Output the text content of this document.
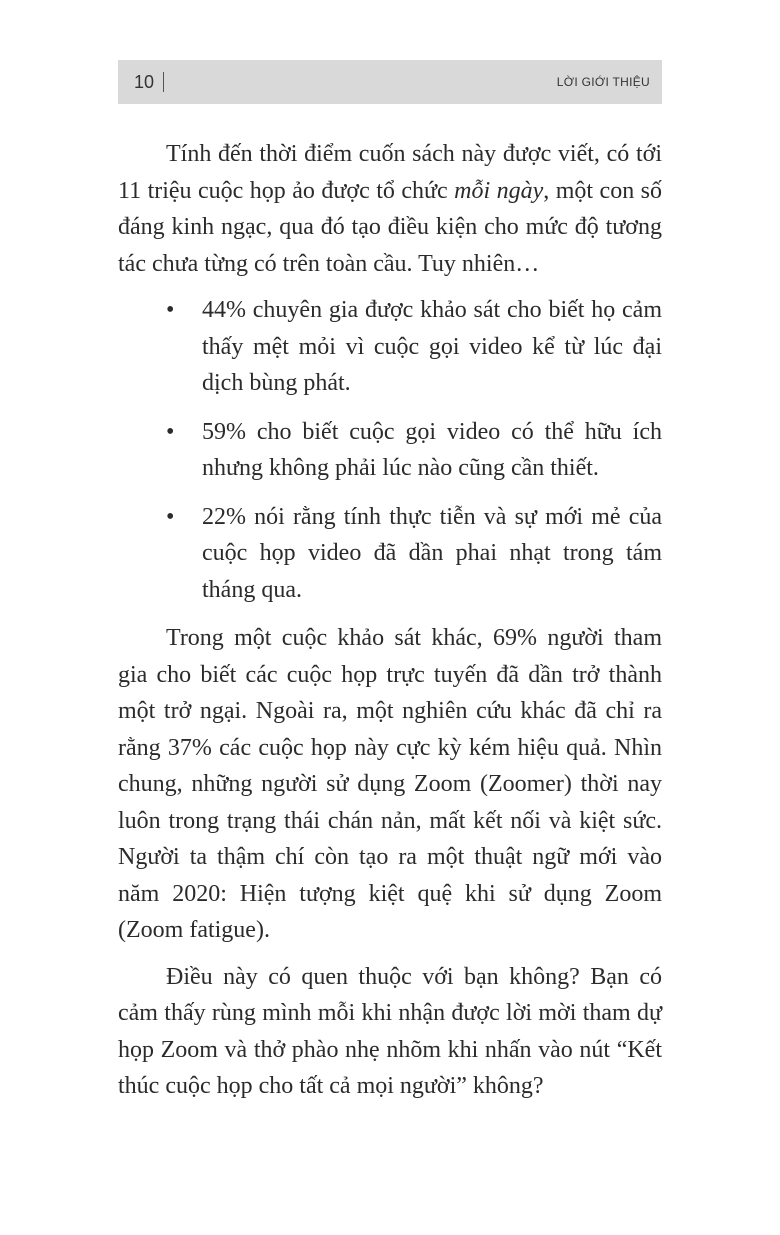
10	LỜI GIỚI THIỆU

Tính đến thời điểm cuốn sách này được viết, có tới 11 triệu cuộc họp ảo được tổ chức mỗi ngày, một con số đáng kinh ngạc, qua đó tạo điều kiện cho mức độ tương tác chưa từng có trên toàn cầu. Tuy nhiên…

• 44% chuyên gia được khảo sát cho biết họ cảm thấy mệt mỏi vì cuộc gọi video kể từ lúc đại dịch bùng phát.
• 59% cho biết cuộc gọi video có thể hữu ích nhưng không phải lúc nào cũng cần thiết.
• 22% nói rằng tính thực tiễn và sự mới mẻ của cuộc họp video đã dần phai nhạt trong tám tháng qua.

Trong một cuộc khảo sát khác, 69% người tham gia cho biết các cuộc họp trực tuyến đã dần trở thành một trở ngại. Ngoài ra, một nghiên cứu khác đã chỉ ra rằng 37% các cuộc họp này cực kỳ kém hiệu quả. Nhìn chung, những người sử dụng Zoom (Zoomer) thời nay luôn trong trạng thái chán nản, mất kết nối và kiệt sức. Người ta thậm chí còn tạo ra một thuật ngữ mới vào năm 2020: Hiện tượng kiệt quệ khi sử dụng Zoom (Zoom fatigue).

Điều này có quen thuộc với bạn không? Bạn có cảm thấy rùng mình mỗi khi nhận được lời mời tham dự họp Zoom và thở phào nhẹ nhõm khi nhấn vào nút “Kết thúc cuộc họp cho tất cả mọi người” không?
